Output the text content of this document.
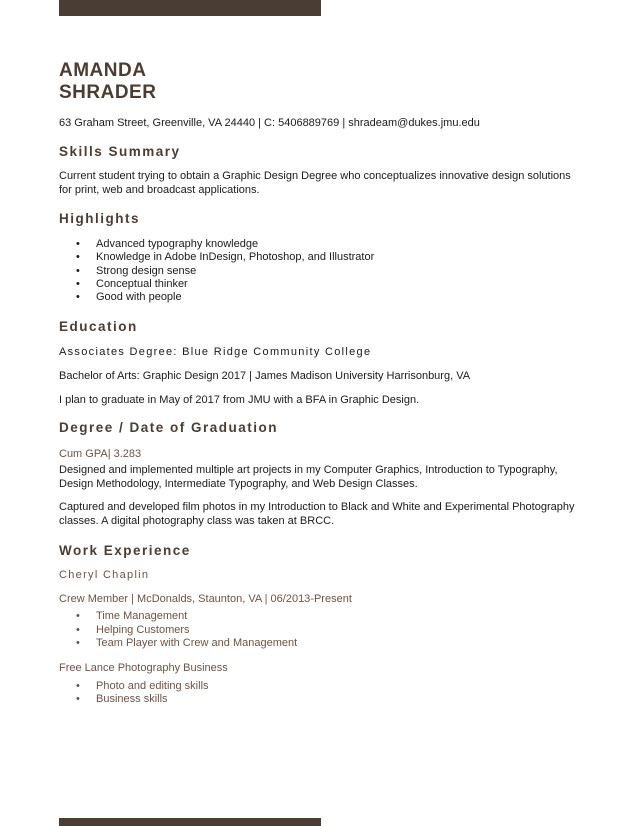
AMANDA
SHRADER
63 Graham Street, Greenville, VA 24440 | C: 5406889769 | shradeam@dukes.jmu.edu
Skills Summary
Current student trying to obtain a Graphic Design Degree who conceptualizes innovative design solutions for print, web and broadcast applications.
Highlights
• Advanced typography knowledge
• Knowledge in Adobe InDesign, Photoshop, and Illustrator
• Strong design sense
• Conceptual thinker
• Good with people
Education
Associates Degree: Blue Ridge Community College
Bachelor of Arts: Graphic Design 2017 | James Madison University Harrisonburg, VA
I plan to graduate in May of 2017 from JMU with a BFA in Graphic Design.
Degree / Date of Graduation
Cum GPA| 3.283
Designed and implemented multiple art projects in my Computer Graphics, Introduction to Typography, Design Methodology, Intermediate Typography, and Web Design Classes.
Captured and developed film photos in my Introduction to Black and White and Experimental Photography classes. A digital photography class was taken at BRCC.
Work Experience
Cheryl Chaplin
Crew Member | McDonalds, Staunton, VA | 06/2013-Present
• Time Management
• Helping Customers
• Team Player with Crew and Management
Free Lance Photography Business
• Photo and editing skills
• Business skills
